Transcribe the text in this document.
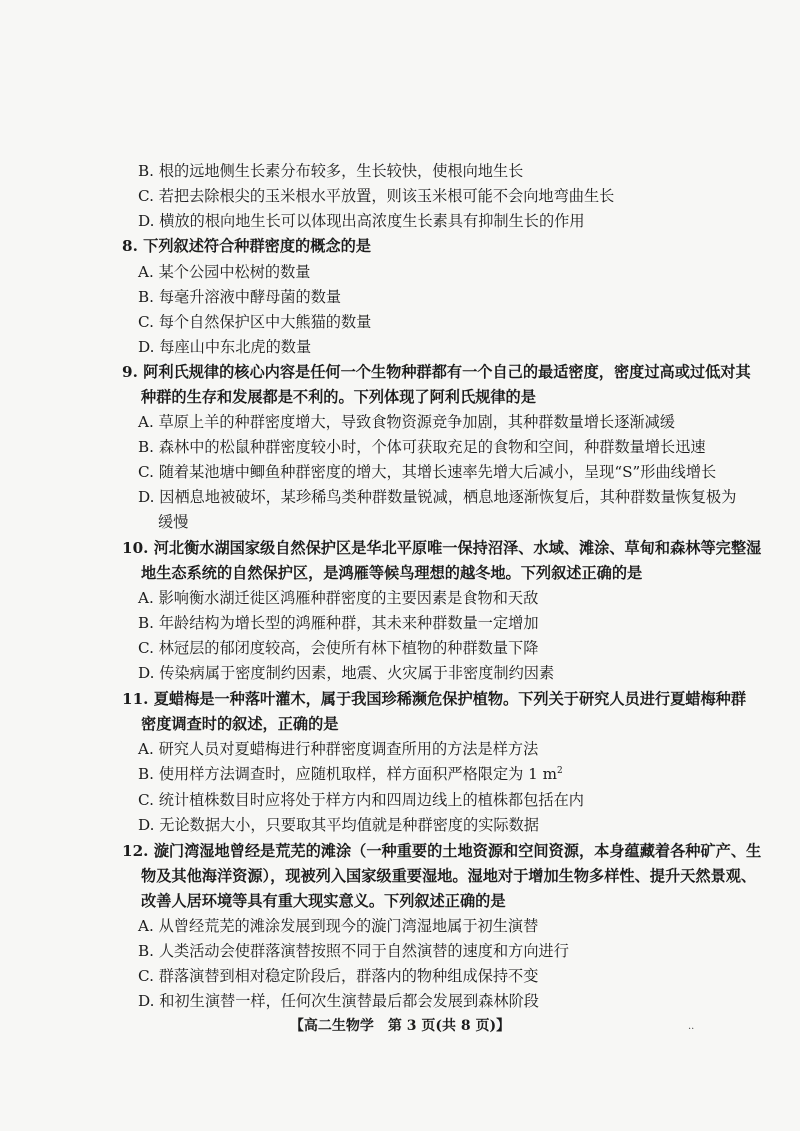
B. 根的远地侧生长素分布较多，生长较快，使根向地生长
C. 若把去除根尖的玉米根水平放置，则该玉米根可能不会向地弯曲生长
D. 横放的根向地生长可以体现出高浓度生长素具有抑制生长的作用
8. 下列叙述符合种群密度的概念的是
A. 某个公园中松树的数量
B. 每毫升溶液中酵母菌的数量
C. 每个自然保护区中大熊猫的数量
D. 每座山中东北虎的数量
9. 阿利氏规律的核心内容是任何一个生物种群都有一个自己的最适密度，密度过高或过低对其
种群的生存和发展都是不利的。下列体现了阿利氏规律的是
A. 草原上羊的种群密度增大，导致食物资源竞争加剧，其种群数量增长逐渐减缓
B. 森林中的松鼠种群密度较小时，个体可获取充足的食物和空间，种群数量增长迅速
C. 随着某池塘中鲫鱼种群密度的增大，其增长速率先增大后减小，呈现“S”形曲线增长
D. 因栖息地被破坏，某珍稀鸟类种群数量锐减，栖息地逐渐恢复后，其种群数量恢复极为
缓慢
10. 河北衡水湖国家级自然保护区是华北平原唯一保持沼泽、水域、滩涂、草甸和森林等完整湿
地生态系统的自然保护区，是鸿雁等候鸟理想的越冬地。下列叙述正确的是
A. 影响衡水湖迁徙区鸿雁种群密度的主要因素是食物和天敌
B. 年龄结构为增长型的鸿雁种群，其未来种群数量一定增加
C. 林冠层的郁闭度较高，会使所有林下植物的种群数量下降
D. 传染病属于密度制约因素，地震、火灾属于非密度制约因素
11. 夏蜡梅是一种落叶灌木，属于我国珍稀濒危保护植物。下列关于研究人员进行夏蜡梅种群
密度调查时的叙述，正确的是
A. 研究人员对夏蜡梅进行种群密度调查所用的方法是样方法
B. 使用样方法调查时，应随机取样，样方面积严格限定为 1 $m^2$
C. 统计植株数目时应将处于样方内和四周边线上的植株都包括在内
D. 无论数据大小，只要取其平均值就是种群密度的实际数据
12. 漩门湾湿地曾经是荒芜的滩涂（一种重要的土地资源和空间资源，本身蕴藏着各种矿产、生
物及其他海洋资源），现被列入国家级重要湿地。湿地对于增加生物多样性、提升天然景观、
改善人居环境等具有重大现实意义。下列叙述正确的是
A. 从曾经荒芜的滩涂发展到现今的漩门湾湿地属于初生演替
B. 人类活动会使群落演替按照不同于自然演替的速度和方向进行
C. 群落演替到相对稳定阶段后，群落内的物种组成保持不变
D. 和初生演替一样，任何次生演替最后都会发展到森林阶段
【高二生物学　第 3 页(共 8 页)】	··
